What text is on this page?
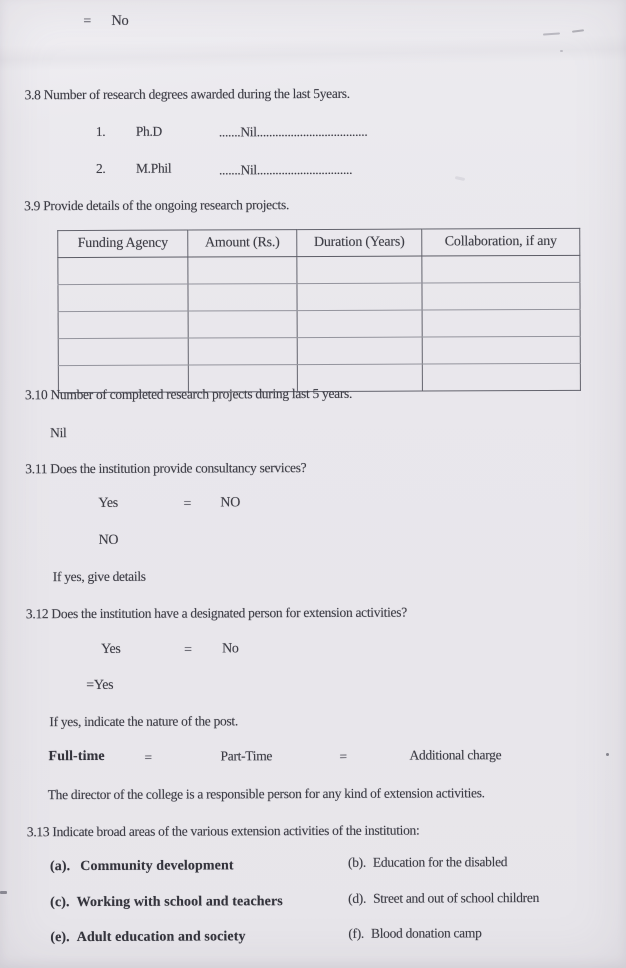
= No
3.8 Number of research degrees awarded during the last 5years.
1. Ph.D	.......Nil....................................
2. M.Phil	.......Nil...............................
3.9 Provide details of the ongoing research projects.
Funding Agency	Amount (Rs.)	Duration (Years)	Collaboration, if any

3.10 Number of completed research projects during last 5 years.
Nil
3.11 Does the institution provide consultancy services?
Yes	= NO
NO
If yes, give details
3.12 Does the institution have a designated person for extension activities?
Yes	= No
=Yes
If yes, indicate the nature of the post.
Full-time	=	Part-Time	=	Additional charge
The director of the college is a responsible person for any kind of extension activities.
3.13 Indicate broad areas of the various extension activities of the institution:
(a). Community development	(b). Education for the disabled
(c). Working with school and teachers	(d). Street and out of school children
(e). Adult education and society	(f). Blood donation camp
